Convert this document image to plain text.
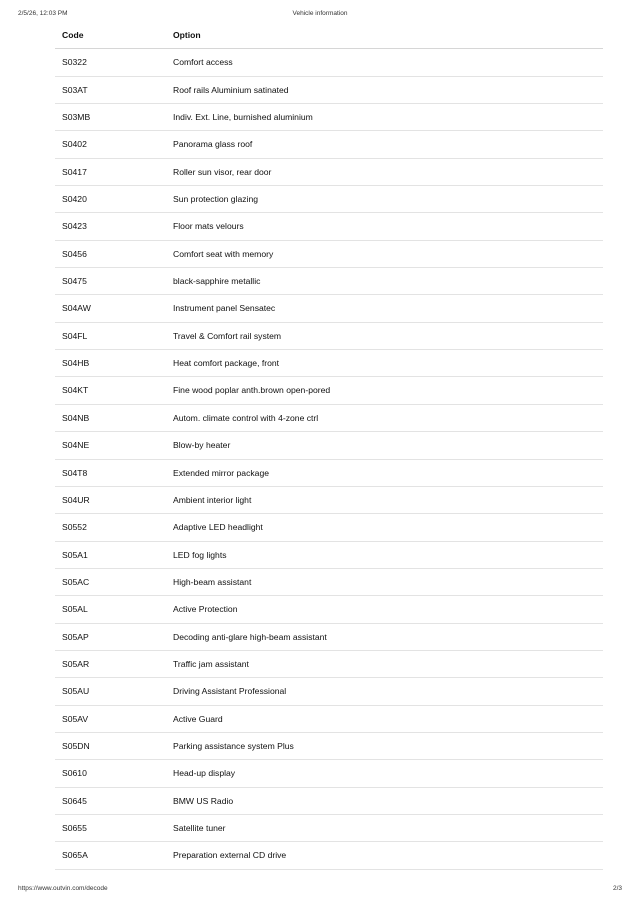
2/5/26, 12:03 PM	Vehicle information
Code	Option
S0322	Comfort access
S03AT	Roof rails Aluminium satinated
S03MB	Indiv. Ext. Line, burnished aluminium
S0402	Panorama glass roof
S0417	Roller sun visor, rear door
S0420	Sun protection glazing
S0423	Floor mats velours
S0456	Comfort seat with memory
S0475	black-sapphire metallic
S04AW	Instrument panel Sensatec
S04FL	Travel & Comfort rail system
S04HB	Heat comfort package, front
S04KT	Fine wood poplar anth.brown open-pored
S04NB	Autom. climate control with 4-zone ctrl
S04NE	Blow-by heater
S04T8	Extended mirror package
S04UR	Ambient interior light
S0552	Adaptive LED headlight
S05A1	LED fog lights
S05AC	High-beam assistant
S05AL	Active Protection
S05AP	Decoding anti-glare high-beam assistant
S05AR	Traffic jam assistant
S05AU	Driving Assistant Professional
S05AV	Active Guard
S05DN	Parking assistance system Plus
S0610	Head-up display
S0645	BMW US Radio
S0655	Satellite tuner
S065A	Preparation external CD drive
https://www.outvin.com/decode	2/3
